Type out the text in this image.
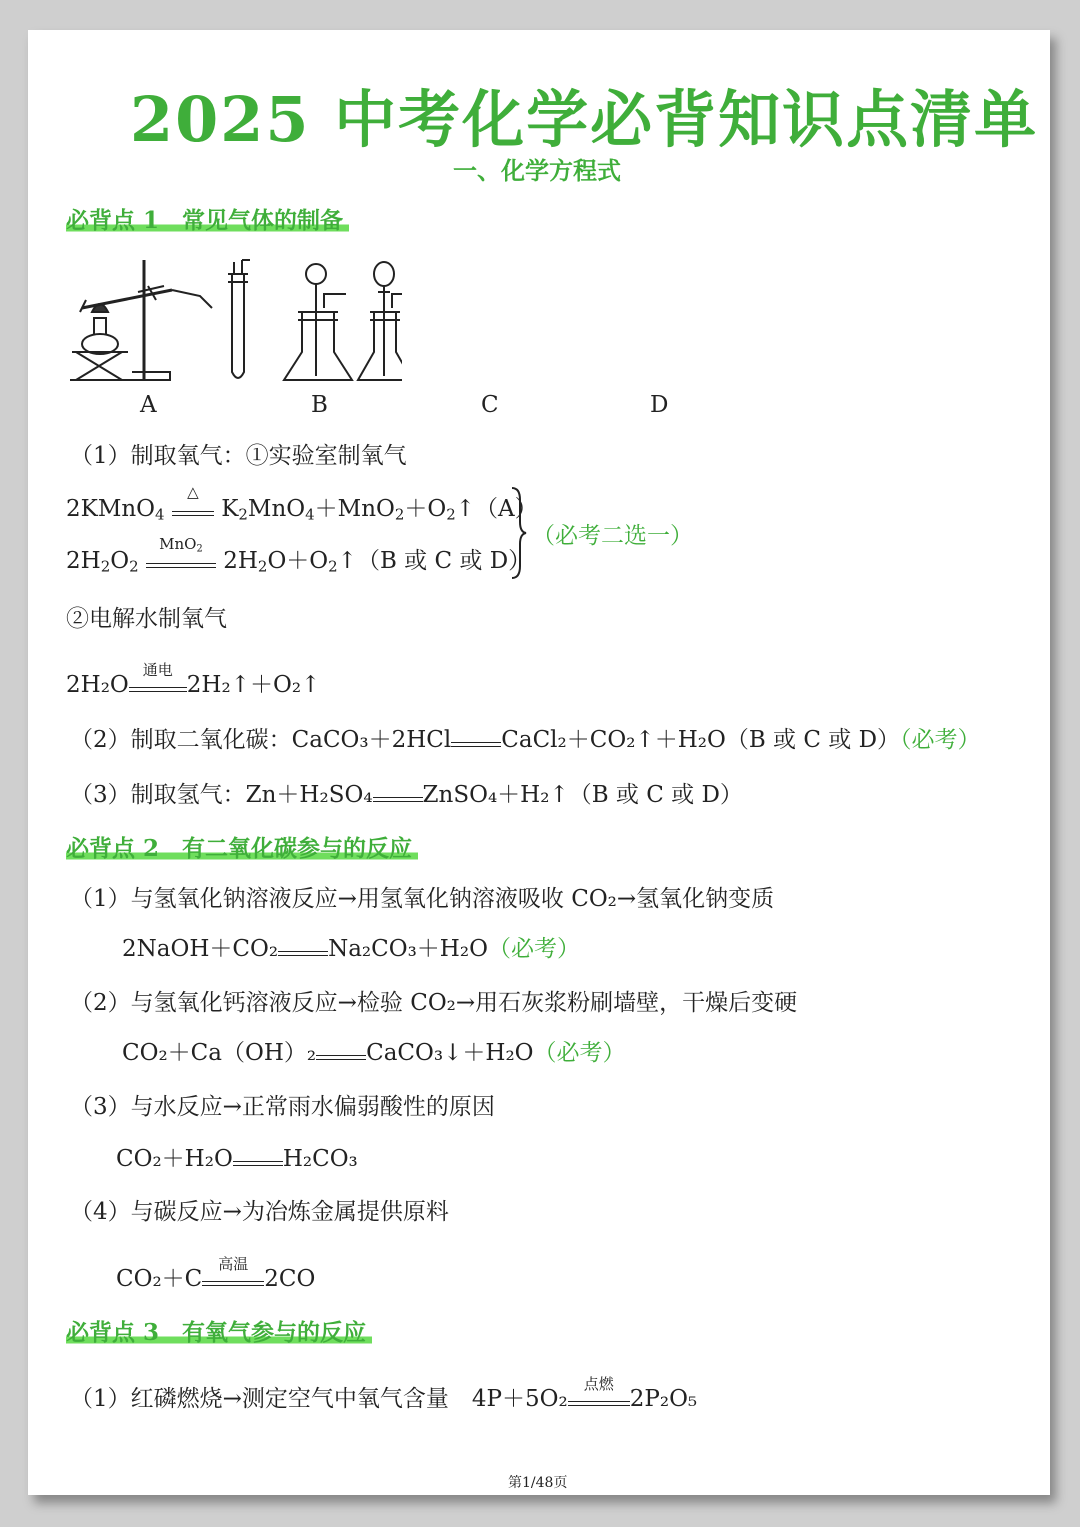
2025 中考化学必背知识点清单
一、化学方程式
必背点 1　常见气体的制备
A	B	C	D
（1）制取氧气：①实验室制氧气
2KMnO$_4$
△
$K_2MnO_4+MnO_2+O_2↑(A)$
$2H_2O_2$
MnO$_2$ $2H_2O+O_2↑(B$ 或 C 或 D）
（必考二选一）
②电解水制氧气
2H₂O
通电
2H₂↑＋O₂↑
（2）制取二氧化碳：CaCO₃＋2HCl CaCl₂＋CO₂↑＋H₂O（B 或 C 或 D）（必考）
（3）制取氢气：Zn＋H₂SO₄ ZnSO₄＋H₂↑（B 或 C 或 D）
必背点 2　有二氧化碳参与的反应
（1）与氢氧化钠溶液反应→用氢氧化钠溶液吸收 CO₂→氢氧化钠变质
2NaOH＋CO₂ Na₂CO₃＋H₂O（必考）
（2）与氢氧化钙溶液反应→检验 CO₂→用石灰浆粉刷墙壁，干燥后变硬
CO₂＋Ca（OH）₂ CaCO₃↓＋H₂O（必考）
（3）与水反应→正常雨水偏弱酸性的原因
CO₂＋H₂O H₂CO₃
（4）与碳反应→为冶炼金属提供原料
CO₂＋C
高温
2CO
必背点 3　有氧气参与的反应
（1）红磷燃烧→测定空气中氧气含量　 4P＋5O₂
点燃
2P₂O₅
第1/48页
